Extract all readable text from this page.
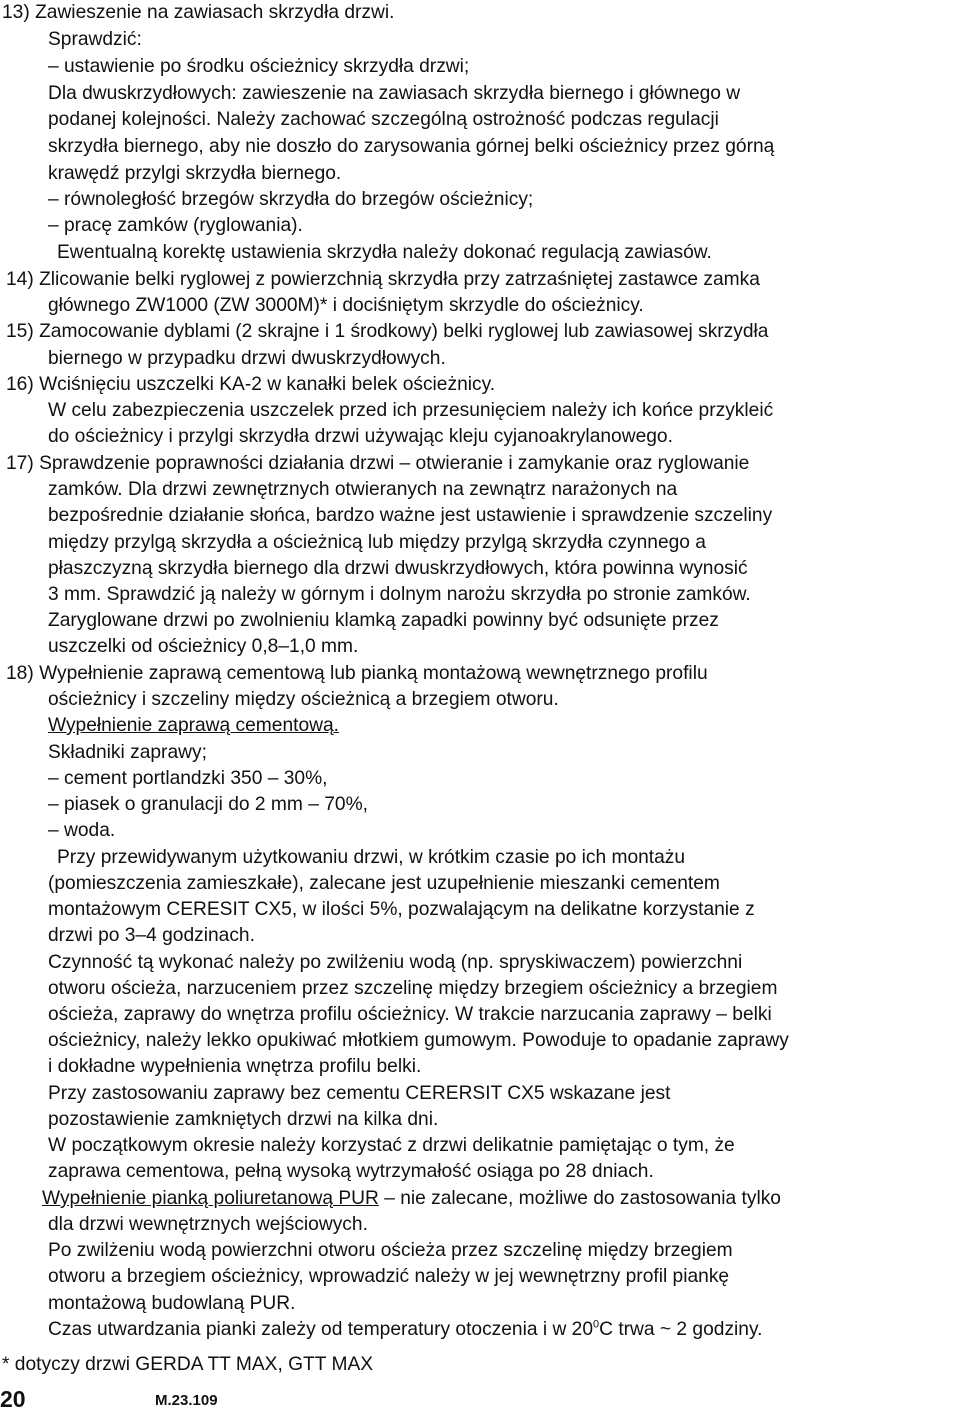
13) Zawieszenie na zawiasach skrzydła drzwi.
Sprawdzić:
– ustawienie po środku ościeżnicy skrzydła drzwi;
Dla dwuskrzydłowych: zawieszenie na zawiasach skrzydła biernego i głównego w
podanej kolejności. Należy zachować szczególną ostrożność podczas regulacji
skrzydła biernego, aby nie doszło do zarysowania górnej belki ościeżnicy przez górną
krawędź przylgi skrzydła biernego.
– równoległość brzegów skrzydła do brzegów ościeżnicy;
– pracę zamków (ryglowania).
Ewentualną korektę ustawienia skrzydła należy dokonać regulacją zawiasów.
14) Zlicowanie belki ryglowej z powierzchnią skrzydła przy zatrzaśniętej zastawce zamka
głównego ZW1000 (ZW 3000M)* i dociśniętym skrzydle do ościeżnicy.
15) Zamocowanie dyblami (2 skrajne i 1 środkowy) belki ryglowej lub zawiasowej skrzydła
biernego w przypadku drzwi dwuskrzydłowych.
16) Wciśnięciu uszczelki KA-2 w kanałki belek ościeżnicy.
W celu zabezpieczenia uszczelek przed ich przesunięciem należy ich końce przykleić
do ościeżnicy i przylgi skrzydła drzwi używając kleju cyjanoakrylanowego.
17) Sprawdzenie poprawności działania drzwi – otwieranie i zamykanie oraz ryglowanie
zamków. Dla drzwi zewnętrznych otwieranych na zewnątrz narażonych na
bezpośrednie działanie słońca, bardzo ważne jest ustawienie i sprawdzenie szczeliny
między przylgą skrzydła a ościeżnicą lub między przylgą skrzydła czynnego a
płaszczyzną skrzydła biernego dla drzwi dwuskrzydłowych, która powinna wynosić
3 mm. Sprawdzić ją należy w górnym i dolnym narożu skrzydła po stronie zamków.
Zaryglowane drzwi po zwolnieniu klamką zapadki powinny być odsunięte przez
uszczelki od ościeżnicy 0,8–1,0 mm.
18) Wypełnienie zaprawą cementową lub pianką montażową wewnętrznego profilu
ościeżnicy i szczeliny między ościeżnicą a brzegiem otworu.
Wypełnienie zaprawą cementową.
Składniki zaprawy;
– cement portlandzki 350 – 30%,
– piasek o granulacji do 2 mm – 70%,
– woda.
Przy przewidywanym użytkowaniu drzwi, w krótkim czasie po ich montażu
(pomieszczenia zamieszkałe), zalecane jest uzupełnienie mieszanki cementem
montażowym CERESIT CX5, w ilości 5%, pozwalającym na delikatne korzystanie z
drzwi po 3–4 godzinach.
Czynność tą wykonać należy po zwilżeniu wodą (np. spryskiwaczem) powierzchni
otworu ościeża, narzuceniem przez szczelinę między brzegiem ościeżnicy a brzegiem
ościeża, zaprawy do wnętrza profilu ościeżnicy. W trakcie narzucania zaprawy – belki
ościeżnicy, należy lekko opukiwać młotkiem gumowym. Powoduje to opadanie zaprawy
i dokładne wypełnienia wnętrza profilu belki.
Przy zastosowaniu zaprawy bez cementu CERERSIT CX5 wskazane jest
pozostawienie zamkniętych drzwi na kilka dni.
W początkowym okresie należy korzystać z drzwi delikatnie pamiętając o tym, że
zaprawa cementowa, pełną wysoką wytrzymałość osiąga po 28 dniach.
Wypełnienie pianką poliuretanową PUR – nie zalecane, możliwe do zastosowania tylko
dla drzwi wewnętrznych wejściowych.
Po zwilżeniu wodą powierzchni otworu ościeża przez szczelinę między brzegiem
otworu a brzegiem ościeżnicy, wprowadzić należy w jej wewnętrzny profil piankę
montażową budowlaną PUR.
Czas utwardzania pianki zależy od temperatury otoczenia i w $20^0C$ trwa ~ 2 godziny.
* dotyczy drzwi GERDA TT MAX, GTT MAX
20	M.23.109
